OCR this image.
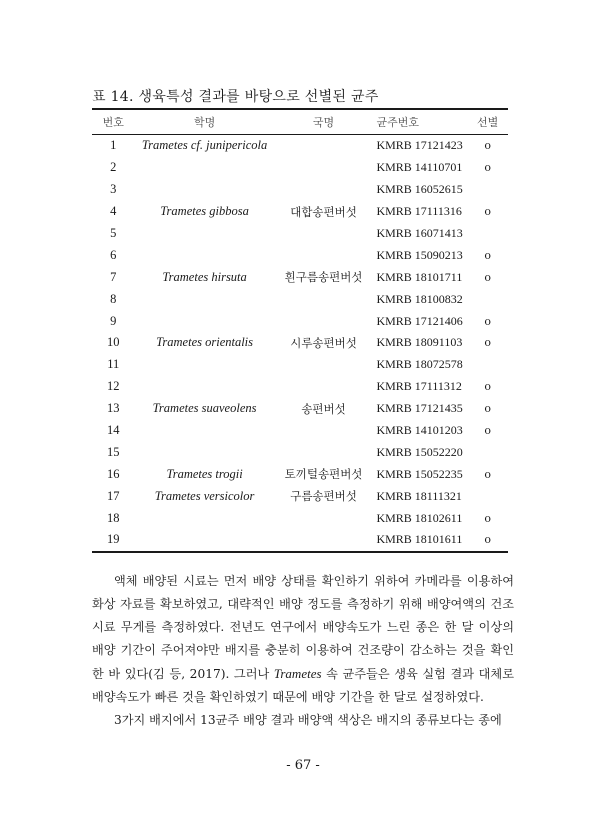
표 14. 생육특성 결과를 바탕으로 선별된 균주
번호	학명	국명	균주번호	선별
1	Trametes cf. junipericola		KMRB 17121423	o
2			KMRB 14110701	o
3			KMRB 16052615	
4	Trametes gibbosa	대합송편버섯	KMRB 17111316	o
5			KMRB 16071413	
6			KMRB 15090213	o
7	Trametes hirsuta	흰구름송편버섯	KMRB 18101711	o
8			KMRB 18100832	
9			KMRB 17121406	o
10	Trametes orientalis	시루송편버섯	KMRB 18091103	o
11			KMRB 18072578	
12			KMRB 17111312	o
13	Trametes suaveolens	송편버섯	KMRB 17121435	o
14			KMRB 14101203	o
15			KMRB 15052220	
16	Trametes trogii	토끼털송편버섯	KMRB 15052235	o
17	Trametes versicolor	구름송편버섯	KMRB 18111321	
18			KMRB 18102611	o
19			KMRB 18101611	o

액체 배양된 시료는 먼저 배양 상태를 확인하기 위하여 카메라를 이용하여 화상 자료를 확보하였고, 대략적인 배양 정도를 측정하기 위해 배양여액의 건조 시료 무게를 측정하였다. 전년도 연구에서 배양속도가 느린 종은 한 달 이상의 배양 기간이 주어져야만 배지를 충분히 이용하여 건조량이 감소하는 것을 확인한 바 있다(김 등, 2017). 그러나 Trametes 속 균주들은 생육 실험 결과 대체로 배양속도가 빠른 것을 확인하였기 때문에 배양 기간을 한 달로 설정하였다.

3가지 배지에서 13균주 배양 결과 배양액 색상은 배지의 종류보다는 종에

- 67 -
